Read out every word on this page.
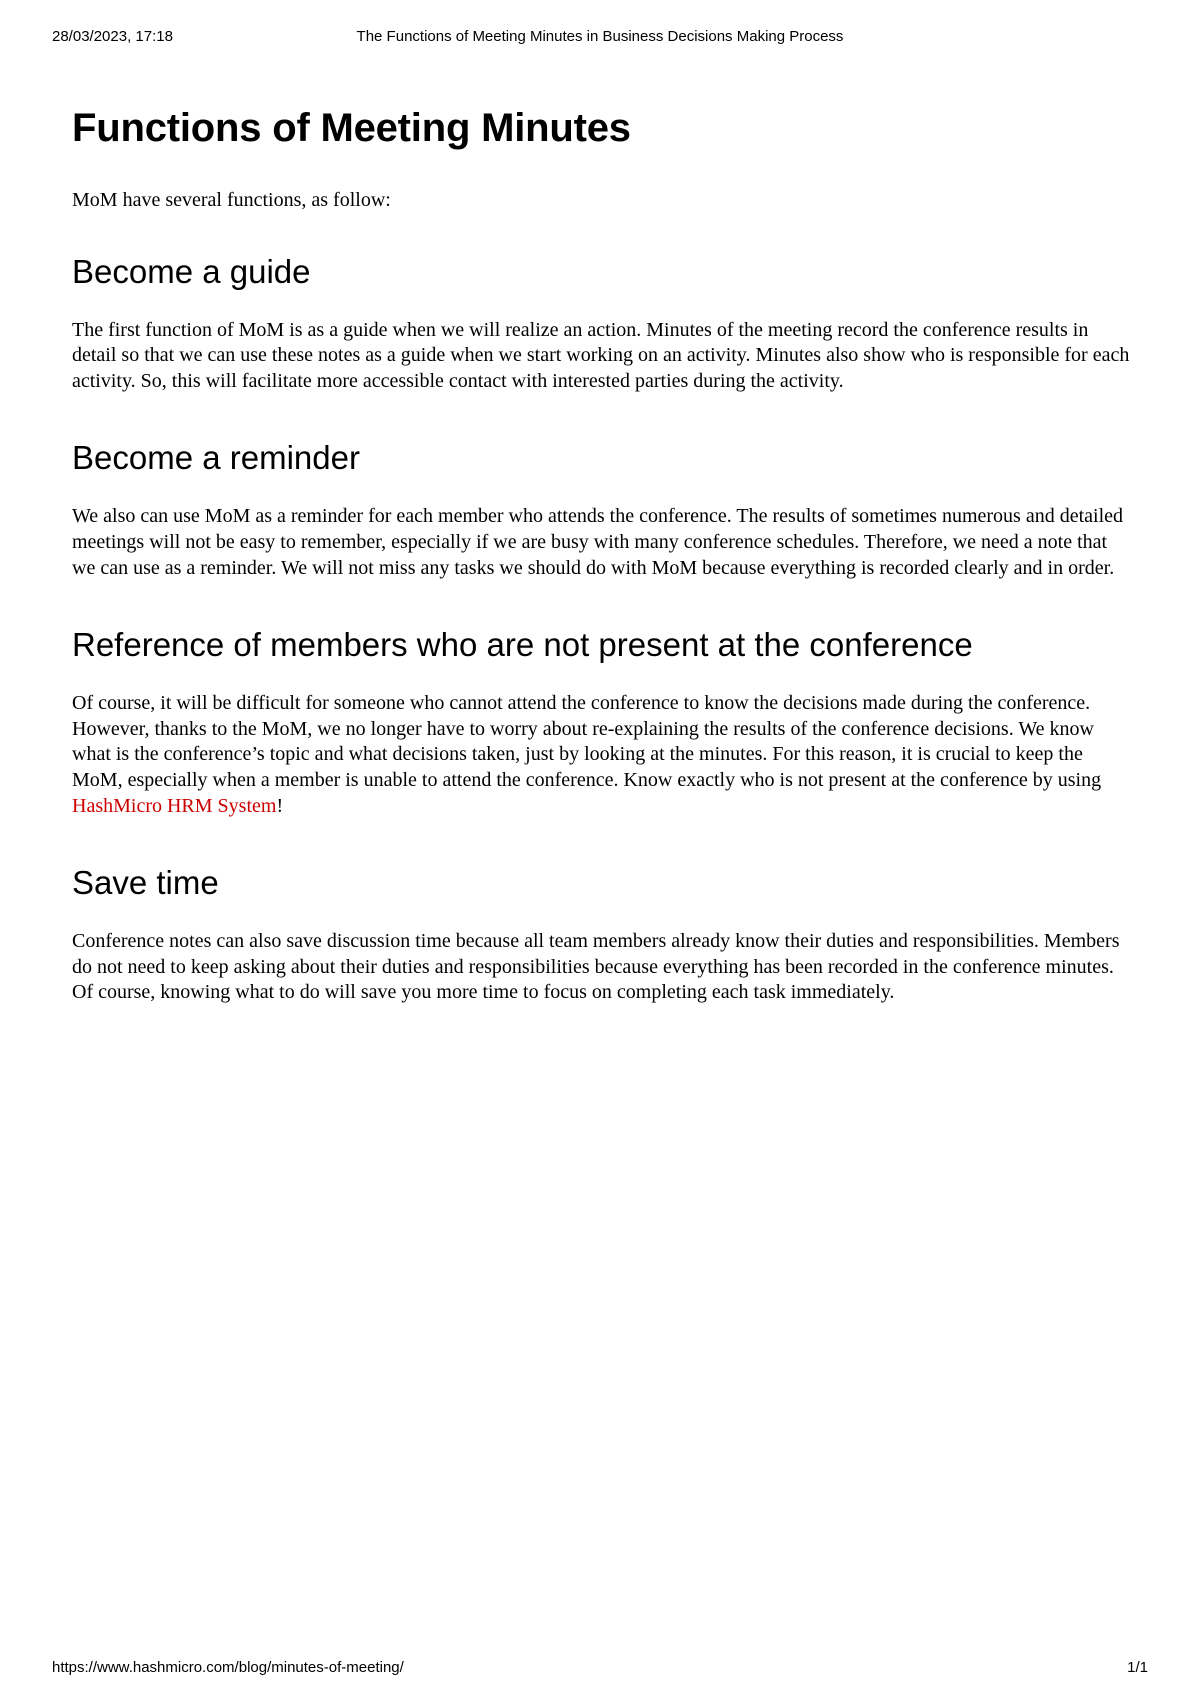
28/03/2023, 17:18	The Functions of Meeting Minutes in Business Decisions Making Process
Functions of Meeting Minutes

MoM have several functions, as follow:

Become a guide

The first function of MoM is as a guide when we will realize an action. Minutes of the meeting record the conference results in detail so that we can use these notes as a guide when we start working on an activity. Minutes also show who is responsible for each activity. So, this will facilitate more accessible contact with interested parties during the activity.

Become a reminder

We also can use MoM as a reminder for each member who attends the conference. The results of sometimes numerous and detailed meetings will not be easy to remember, especially if we are busy with many conference schedules. Therefore, we need a note that we can use as a reminder. We will not miss any tasks we should do with MoM because everything is recorded clearly and in order.

Reference of members who are not present at the conference

Of course, it will be difficult for someone who cannot attend the conference to know the decisions made during the conference. However, thanks to the MoM, we no longer have to worry about re-explaining the results of the conference decisions. We know what is the conference’s topic and what decisions taken, just by looking at the minutes. For this reason, it is crucial to keep the MoM, especially when a member is unable to attend the conference. Know exactly who is not present at the conference by using HashMicro HRM System!

Save time

Conference notes can also save discussion time because all team members already know their duties and responsibilities. Members do not need to keep asking about their duties and responsibilities because everything has been recorded in the conference minutes. Of course, knowing what to do will save you more time to focus on completing each task immediately.

https://www.hashmicro.com/blog/minutes-of-meeting/	1/1
